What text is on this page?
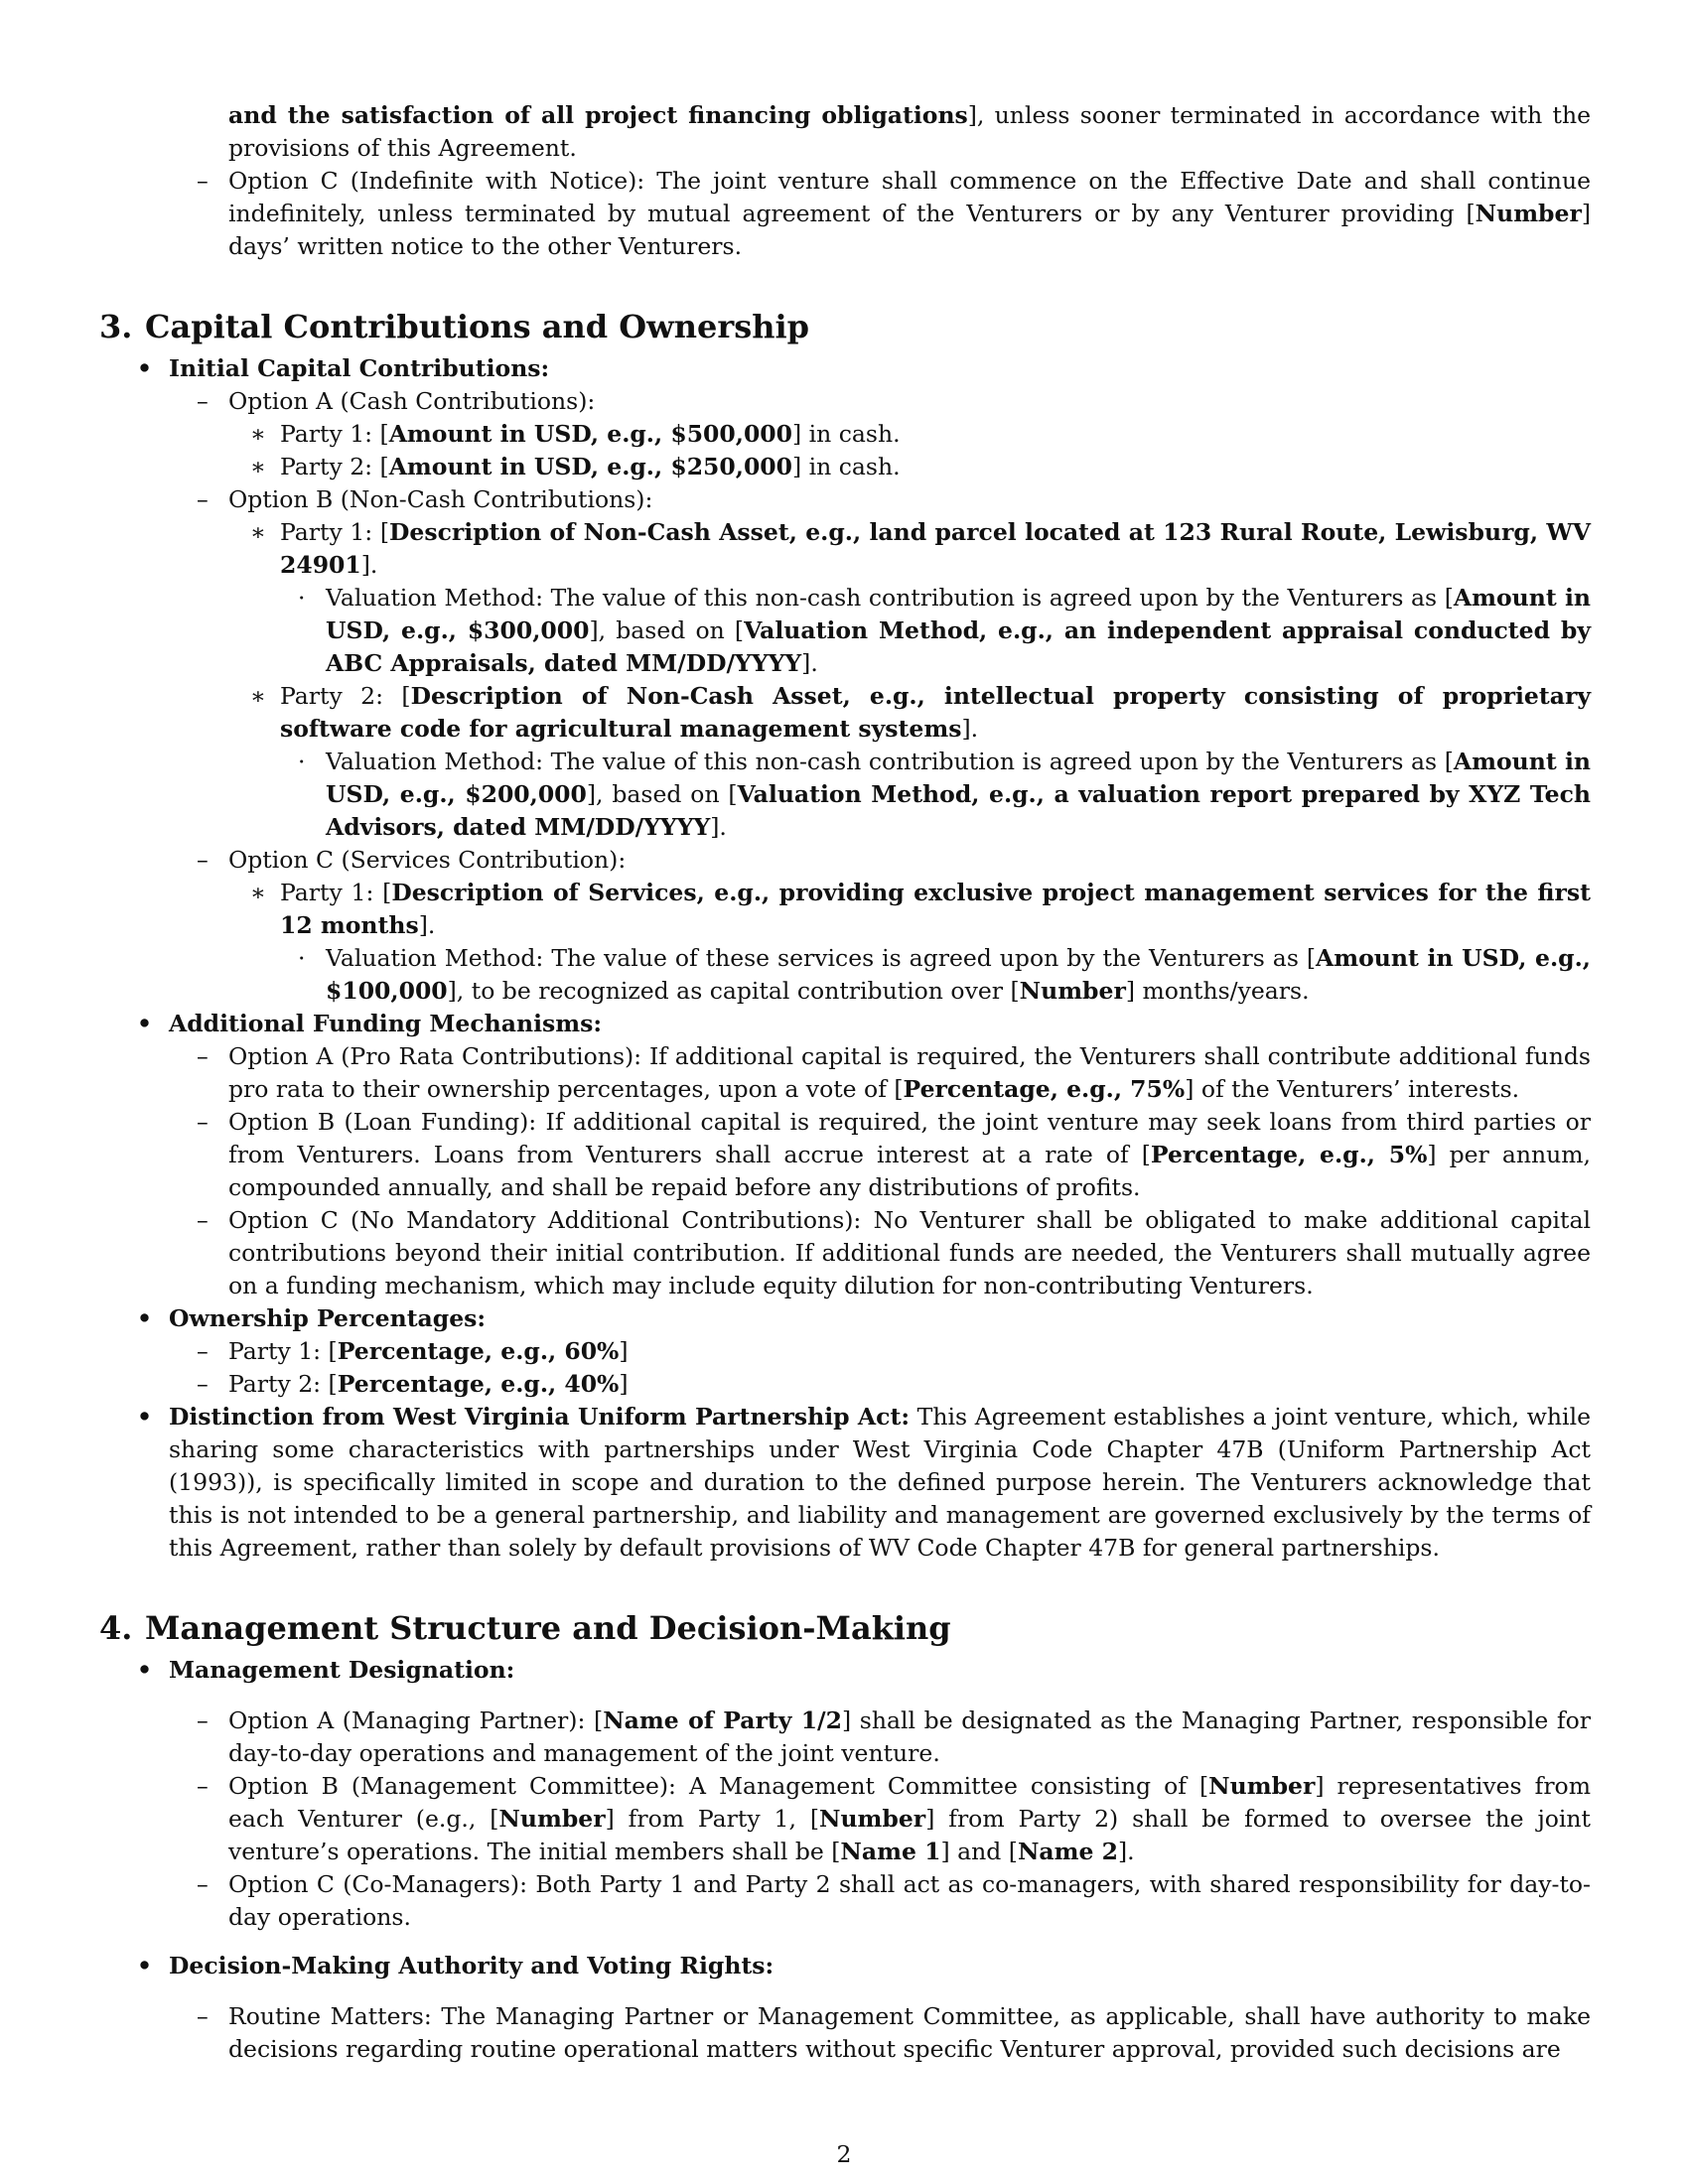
and the satisfaction of all project financing obligations], unless sooner terminated in accordance with the provisions of this Agreement.
– Option C (Indefinite with Notice): The joint venture shall commence on the Effective Date and shall continue indefinitely, unless terminated by mutual agreement of the Venturers or by any Venturer providing [Number] days’ written notice to the other Venturers.
3. Capital Contributions and Ownership
• Initial Capital Contributions:
– Option A (Cash Contributions):
∗ Party 1: [Amount in USD, e.g., $500,000] in cash.
∗ Party 2: [Amount in USD, e.g., $250,000] in cash.
– Option B (Non-Cash Contributions):
∗ Party 1: [Description of Non-Cash Asset, e.g., land parcel located at 123 Rural Route, Lewisburg, WV 24901].
· Valuation Method: The value of this non-cash contribution is agreed upon by the Venturers as [Amount in USD, e.g., $300,000], based on [Valuation Method, e.g., an independent appraisal conducted by ABC Appraisals, dated MM/DD/YYYY].
∗ Party 2: [Description of Non-Cash Asset, e.g., intellectual property consisting of proprietary software code for agricultural management systems].
· Valuation Method: The value of this non-cash contribution is agreed upon by the Venturers as [Amount in USD, e.g., $200,000], based on [Valuation Method, e.g., a valuation report prepared by XYZ Tech Advisors, dated MM/DD/YYYY].
– Option C (Services Contribution):
∗ Party 1: [Description of Services, e.g., providing exclusive project management services for the first 12 months].
· Valuation Method: The value of these services is agreed upon by the Venturers as [Amount in USD, e.g., $100,000], to be recognized as capital contribution over [Number] months/years.
• Additional Funding Mechanisms:
– Option A (Pro Rata Contributions): If additional capital is required, the Venturers shall contribute additional funds pro rata to their ownership percentages, upon a vote of [Percentage, e.g., 75%] of the Venturers’ interests.
– Option B (Loan Funding): If additional capital is required, the joint venture may seek loans from third parties or from Venturers. Loans from Venturers shall accrue interest at a rate of [Percentage, e.g., 5%] per annum, compounded annually, and shall be repaid before any distributions of profits.
– Option C (No Mandatory Additional Contributions): No Venturer shall be obligated to make additional capital contributions beyond their initial contribution. If additional funds are needed, the Venturers shall mutually agree on a funding mechanism, which may include equity dilution for non-contributing Venturers.
• Ownership Percentages:
– Party 1: [Percentage, e.g., 60%]
– Party 2: [Percentage, e.g., 40%]
• Distinction from West Virginia Uniform Partnership Act: This Agreement establishes a joint venture, which, while sharing some characteristics with partnerships under West Virginia Code Chapter 47B (Uniform Partnership Act (1993)), is specifically limited in scope and duration to the defined purpose herein. The Venturers acknowledge that this is not intended to be a general partnership, and liability and management are governed exclusively by the terms of this Agreement, rather than solely by default provisions of WV Code Chapter 47B for general partnerships.
4. Management Structure and Decision-Making
• Management Designation:
– Option A (Managing Partner): [Name of Party 1/2] shall be designated as the Managing Partner, responsible for day-to-day operations and management of the joint venture.
– Option B (Management Committee): A Management Committee consisting of [Number] representatives from each Venturer (e.g., [Number] from Party 1, [Number] from Party 2) shall be formed to oversee the joint venture’s operations. The initial members shall be [Name 1] and [Name 2].
– Option C (Co-Managers): Both Party 1 and Party 2 shall act as co-managers, with shared responsibility for day-to-day operations.
• Decision-Making Authority and Voting Rights:
– Routine Matters: The Managing Partner or Management Committee, as applicable, shall have authority to make decisions regarding routine operational matters without specific Venturer approval, provided such decisions are
2
